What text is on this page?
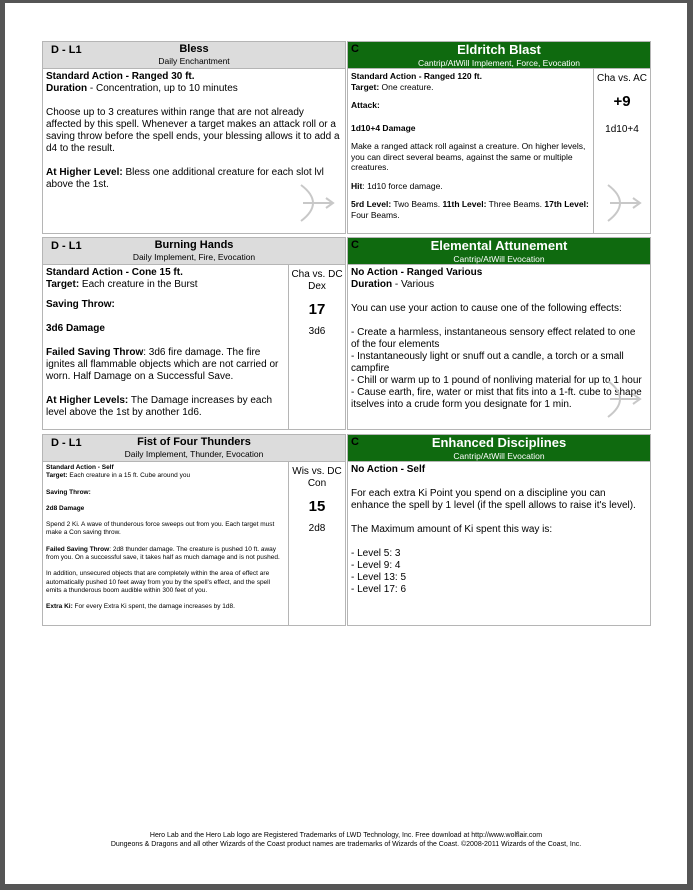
D - L1	Bless
Daily Enchantment

Standard Action - Ranged 30 ft.

Duration - Concentration, up to 10 minutes

Choose up to 3 creatures within range that are not already affected by this spell. Whenever a target makes an attack roll or a saving throw before the spell ends, your blessing allows it to add a d4 to the result.

At Higher Level: Bless one additional creature for each slot lvl above the 1st.

C	Eldritch Blast
Cantrip/AtWill Implement, Force, Evocation

Standard Action - Ranged 120 ft.

Target: One creature.

Attack:

1d10+4 Damage

Make a ranged attack roll against a creature. On higher levels, you can direct several beams, against the same or multiple creatures.

Hit: 1d10 force damage.

5rd Level: Two Beams. 11th Level: Three Beams. 17th Level: Four Beams.

Cha vs. AC
+9
1d10+4
D - L1	Burning Hands
Daily Implement, Fire, Evocation

Standard Action - Cone 15 ft.

Target: Each creature in the Burst

Saving Throw:

3d6 Damage

Failed Saving Throw: 3d6 fire damage. The fire ignites all flammable objects which are not carried or worn. Half Damage on a Successful Save.

At Higher Levels: The Damage increases by each level above the 1st by another 1d6.

Cha vs. DC Dex
17
3d6
C	Elemental Attunement
Cantrip/AtWill Evocation

No Action - Ranged Various

Duration - Various

You can use your action to cause one of the following effects:

- Create a harmless, instantaneous sensory effect related to one of the four elements
- Instantaneously light or snuff out a candle, a torch or a small campfire
- Chill or warm up to 1 pound of nonliving material for up to 1 hour
- Cause earth, fire, water or mist that fits into a 1-ft. cube to shape itselves into a crude form you designate for 1 min.
D - L1	Fist of Four Thunders
Daily Implement, Thunder, Evocation

Standard Action - Self

Target: Each creature in a 15 ft. Cube around you

Saving Throw:

2d8 Damage

Spend 2 Ki. A wave of thunderous force sweeps out from you. Each target must make a Con saving throw.

Failed Saving Throw: 2d8 thunder damage. The creature is pushed 10 ft. away from you. On a successful save, it takes half as much damage and is not pushed.

In addition, unsecured objects that are completely within the area of effect are automatically pushed 10 feet away from you by the spell's effect, and the spell emits a thunderous boom audible within 300 feet of you.

Extra Ki: For every Extra Ki spent, the damage increases by 1d8.

Wis vs. DC Con
15
2d8
C	Enhanced Disciplines
Cantrip/AtWill Evocation

No Action - Self

For each extra Ki Point you spend on a discipline you can enhance the spell by 1 level (if the spell allows to raise it's level).

The Maximum amount of Ki spent this way is:

- Level 5: 3
- Level 9: 4
- Level 13: 5
- Level 17: 6
Hero Lab and the Hero Lab logo are Registered Trademarks of LWD Technology, Inc. Free download at http://www.wolflair.com
Dungeons & Dragons and all other Wizards of the Coast product names are trademarks of Wizards of the Coast. ©2008-2011 Wizards of the Coast, Inc.
